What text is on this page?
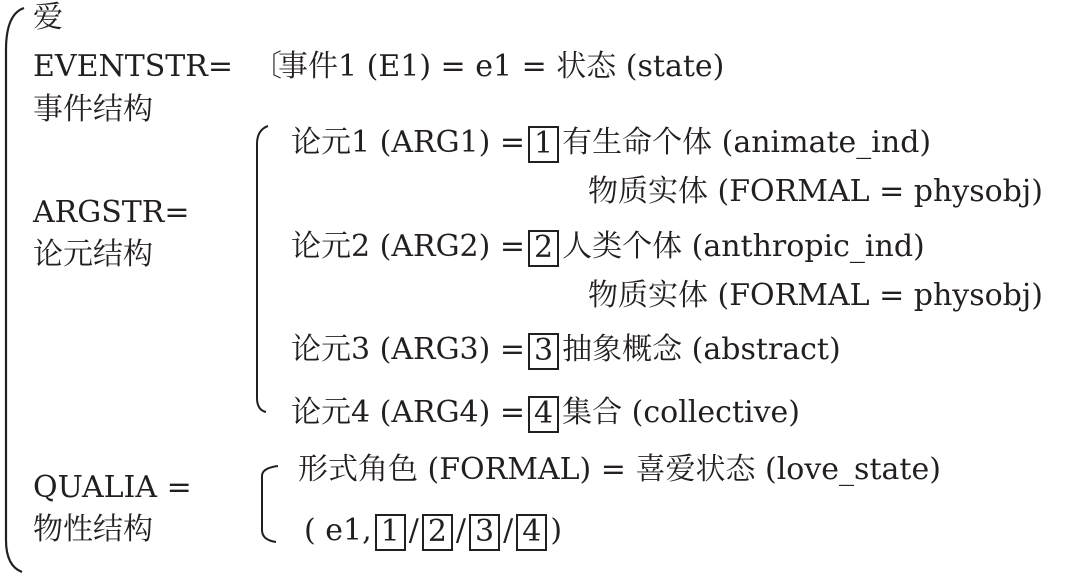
爱
EVENTSTR=
事件结构
〔
事件1 (E1) = e1 = 状态 (state)
ARGSTR=
论元结构
论元1 (ARG1) = 1 有生命个体 (animate_ind)
物质实体 (FORMAL = physobj)
论元2 (ARG2) = 2 人类个体 (anthropic_ind)
物质实体 (FORMAL = physobj)
论元3 (ARG3) = 3 抽象概念 (abstract)
论元4 (ARG4) = 4 集合 (collective)
QUALIA =
物性结构
形式角色 (FORMAL) = 喜爱状态 (love_state)
( e1, 1 / 2 / 3 / 4 )
